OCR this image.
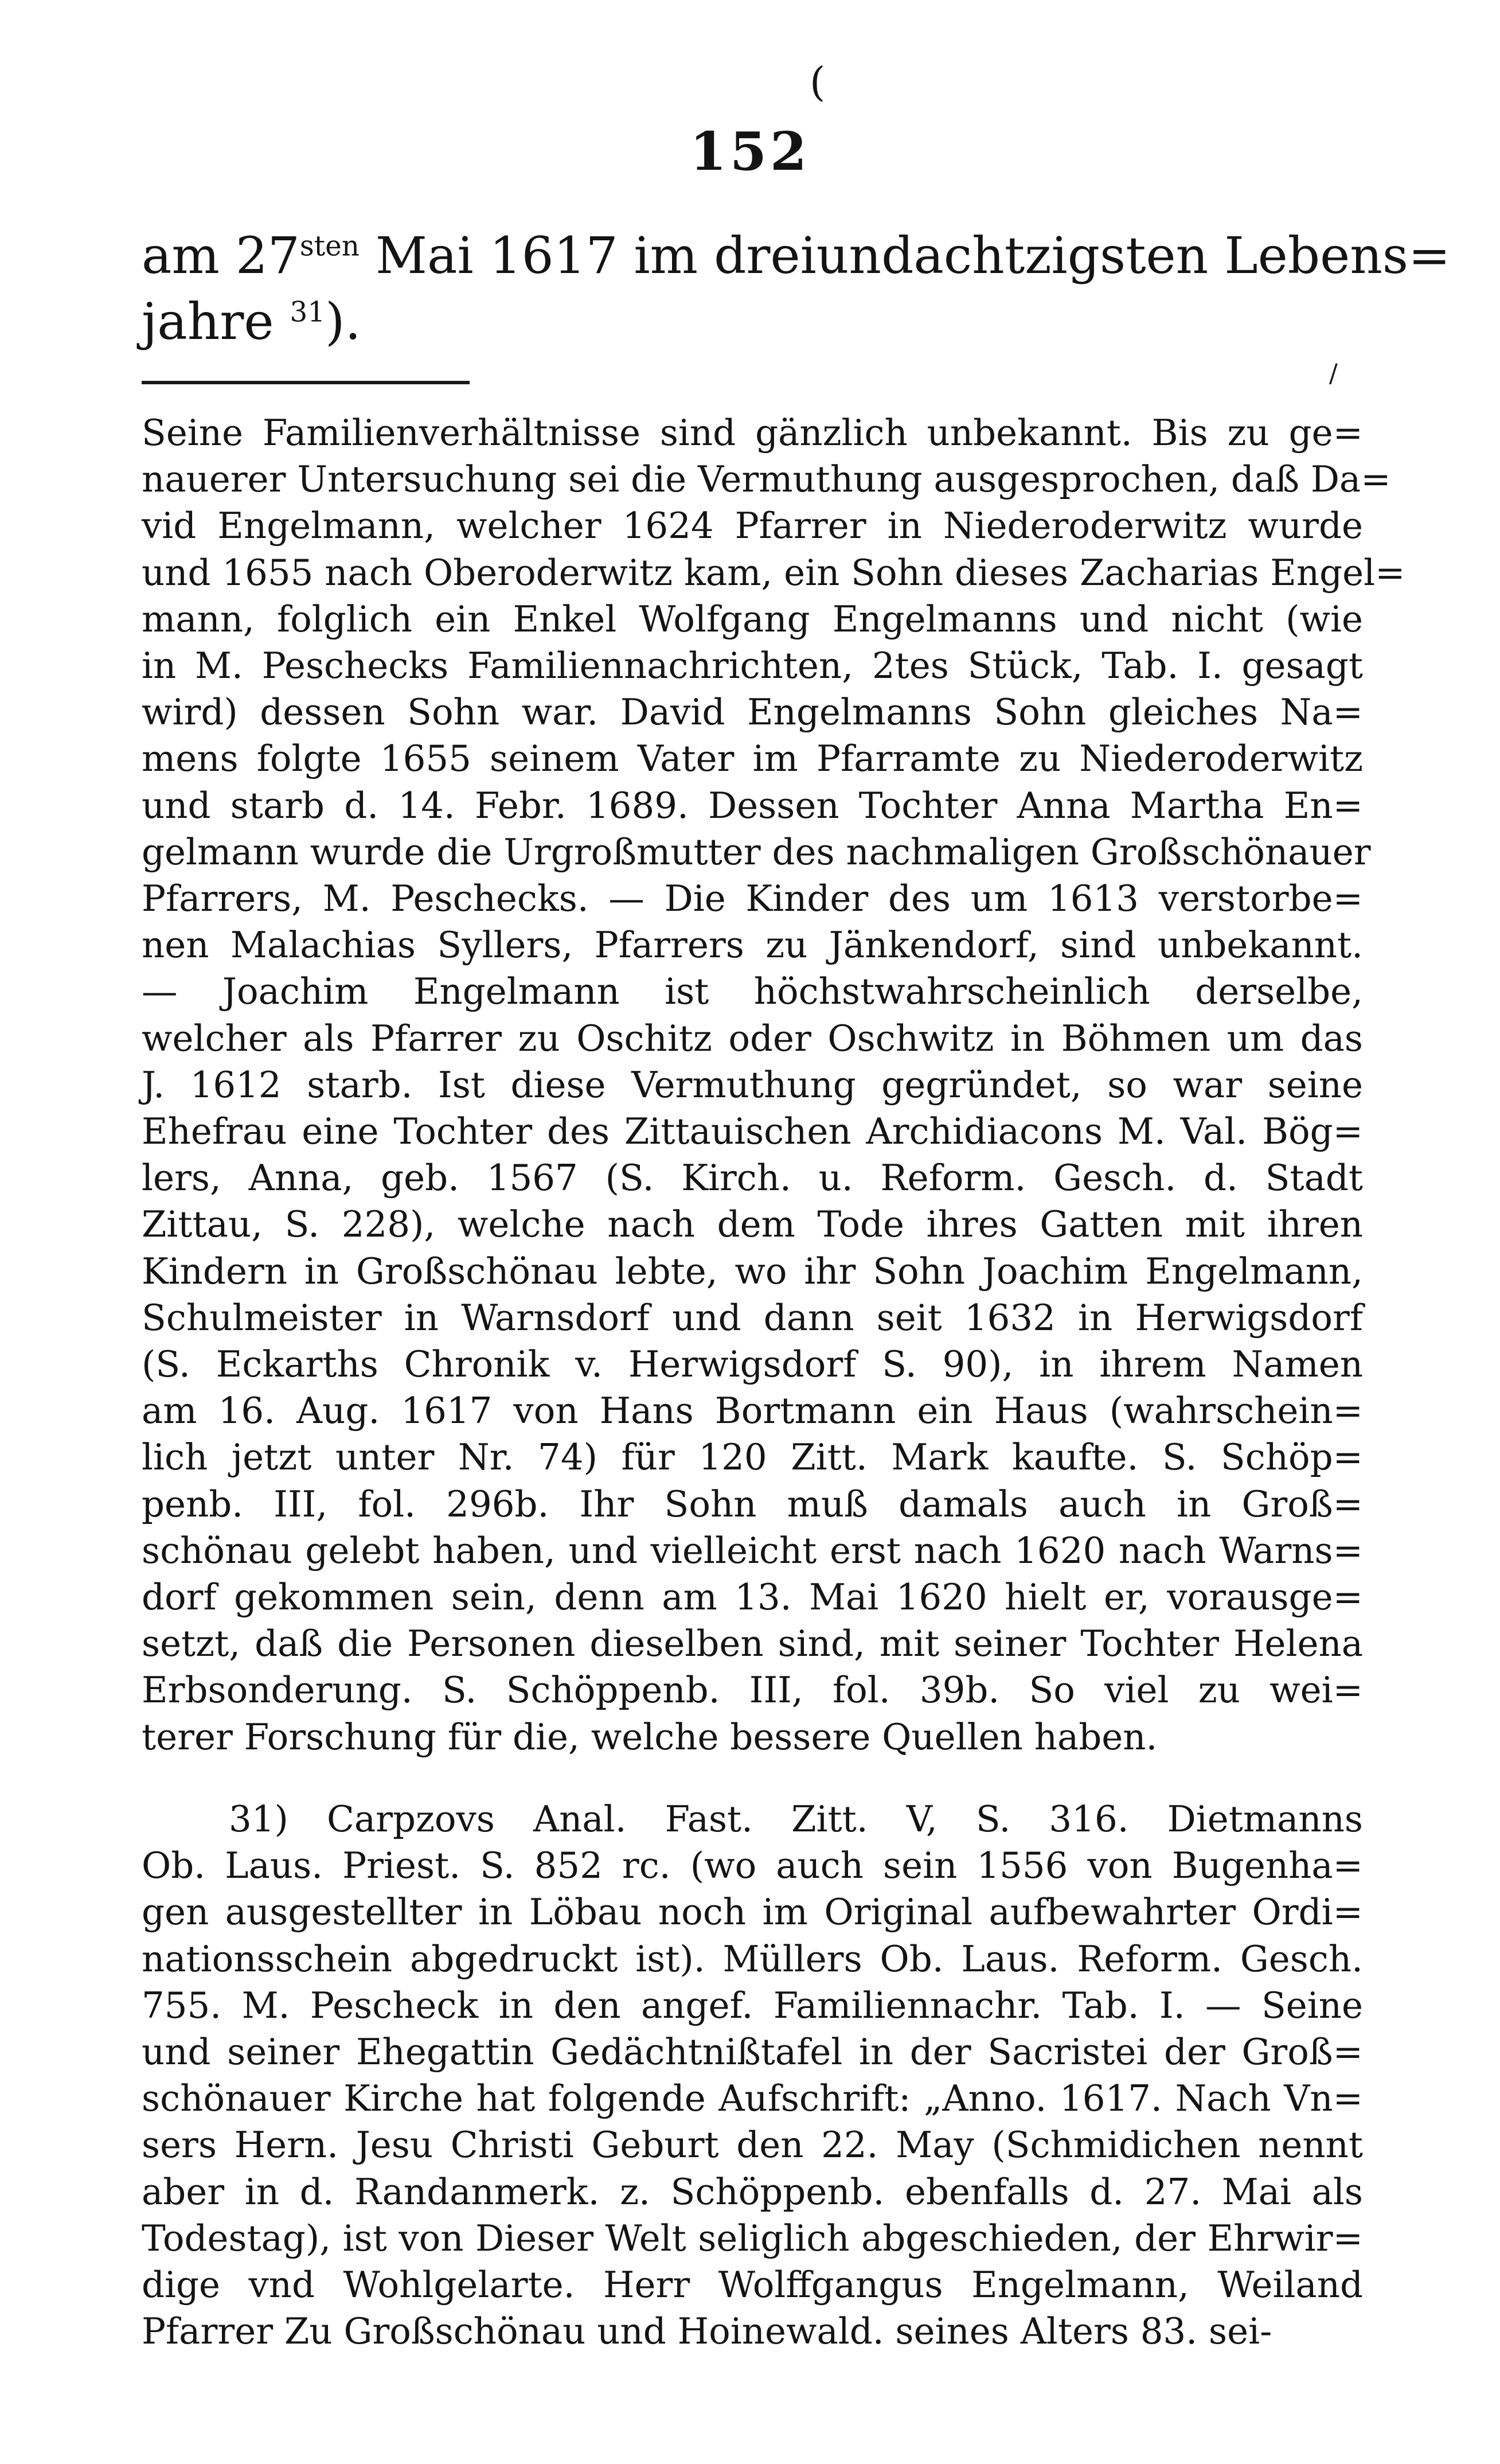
(
152
am $27^{sten}$ Mai 1617 im dreiundachtzigsten Lebens=
jahre $^{31}$).
/
Seine Familienverhältnisse sind gänzlich unbekannt. Bis zu ge=
nauerer Untersuchung sei die Vermuthung ausgesprochen, daß Da=
vid Engelmann, welcher 1624 Pfarrer in Niederoderwitz wurde
und 1655 nach Oberoderwitz kam, ein Sohn dieses Zacharias Engel=
mann, folglich ein Enkel Wolfgang Engelmanns und nicht (wie
in M. Peschecks Familiennachrichten, 2tes Stück, Tab. I. gesagt
wird) dessen Sohn war. David Engelmanns Sohn gleiches Na=
mens folgte 1655 seinem Vater im Pfarramte zu Niederoderwitz
und starb d. 14. Febr. 1689. Dessen Tochter Anna Martha En=
gelmann wurde die Urgroßmutter des nachmaligen Großschönauer
Pfarrers, M. Peschecks. — Die Kinder des um 1613 verstorbe=
nen Malachias Syllers, Pfarrers zu Jänkendorf, sind unbekannt.
— Joachim Engelmann ist höchstwahrscheinlich derselbe,
welcher als Pfarrer zu Oschitz oder Oschwitz in Böhmen um das
J. 1612 starb. Ist diese Vermuthung gegründet, so war seine
Ehefrau eine Tochter des Zittauischen Archidiacons M. Val. Bög=
lers, Anna, geb. 1567 (S. Kirch. u. Reform. Gesch. d. Stadt
Zittau, S. 228), welche nach dem Tode ihres Gatten mit ihren
Kindern in Großschönau lebte, wo ihr Sohn Joachim Engelmann,
Schulmeister in Warnsdorf und dann seit 1632 in Herwigsdorf
(S. Eckarths Chronik v. Herwigsdorf S. 90), in ihrem Namen
am 16. Aug. 1617 von Hans Bortmann ein Haus (wahrschein=
lich jetzt unter Nr. 74) für 120 Zitt. Mark kaufte. S. Schöp=
penb. III, fol. 296b. Ihr Sohn muß damals auch in Groß=
schönau gelebt haben, und vielleicht erst nach 1620 nach Warns=
dorf gekommen sein, denn am 13. Mai 1620 hielt er, vorausge=
setzt, daß die Personen dieselben sind, mit seiner Tochter Helena
Erbsonderung. S. Schöppenb. III, fol. 39b. So viel zu wei=
terer Forschung für die, welche bessere Quellen haben.
31) Carpzovs Anal. Fast. Zitt. V, S. 316. Dietmanns
Ob. Laus. Priest. S. 852 rc. (wo auch sein 1556 von Bugenha=
gen ausgestellter in Löbau noch im Original aufbewahrter Ordi=
nationsschein abgedruckt ist). Müllers Ob. Laus. Reform. Gesch.
755. M. Pescheck in den angef. Familiennachr. Tab. I. — Seine
und seiner Ehegattin Gedächtnißtafel in der Sacristei der Groß=
schönauer Kirche hat folgende Aufschrift: „Anno. 1617. Nach Vn=
sers Hern. Jesu Christi Geburt den 22. May (Schmidichen nennt
aber in d. Randanmerk. z. Schöppenb. ebenfalls d. 27. Mai als
Todestag), ist von Dieser Welt seliglich abgeschieden, der Ehrwir=
dige vnd Wohlgelarte. Herr Wolffgangus Engelmann, Weiland
Pfarrer Zu Großschönau und Hoinewald. seines Alters 83. sei-
